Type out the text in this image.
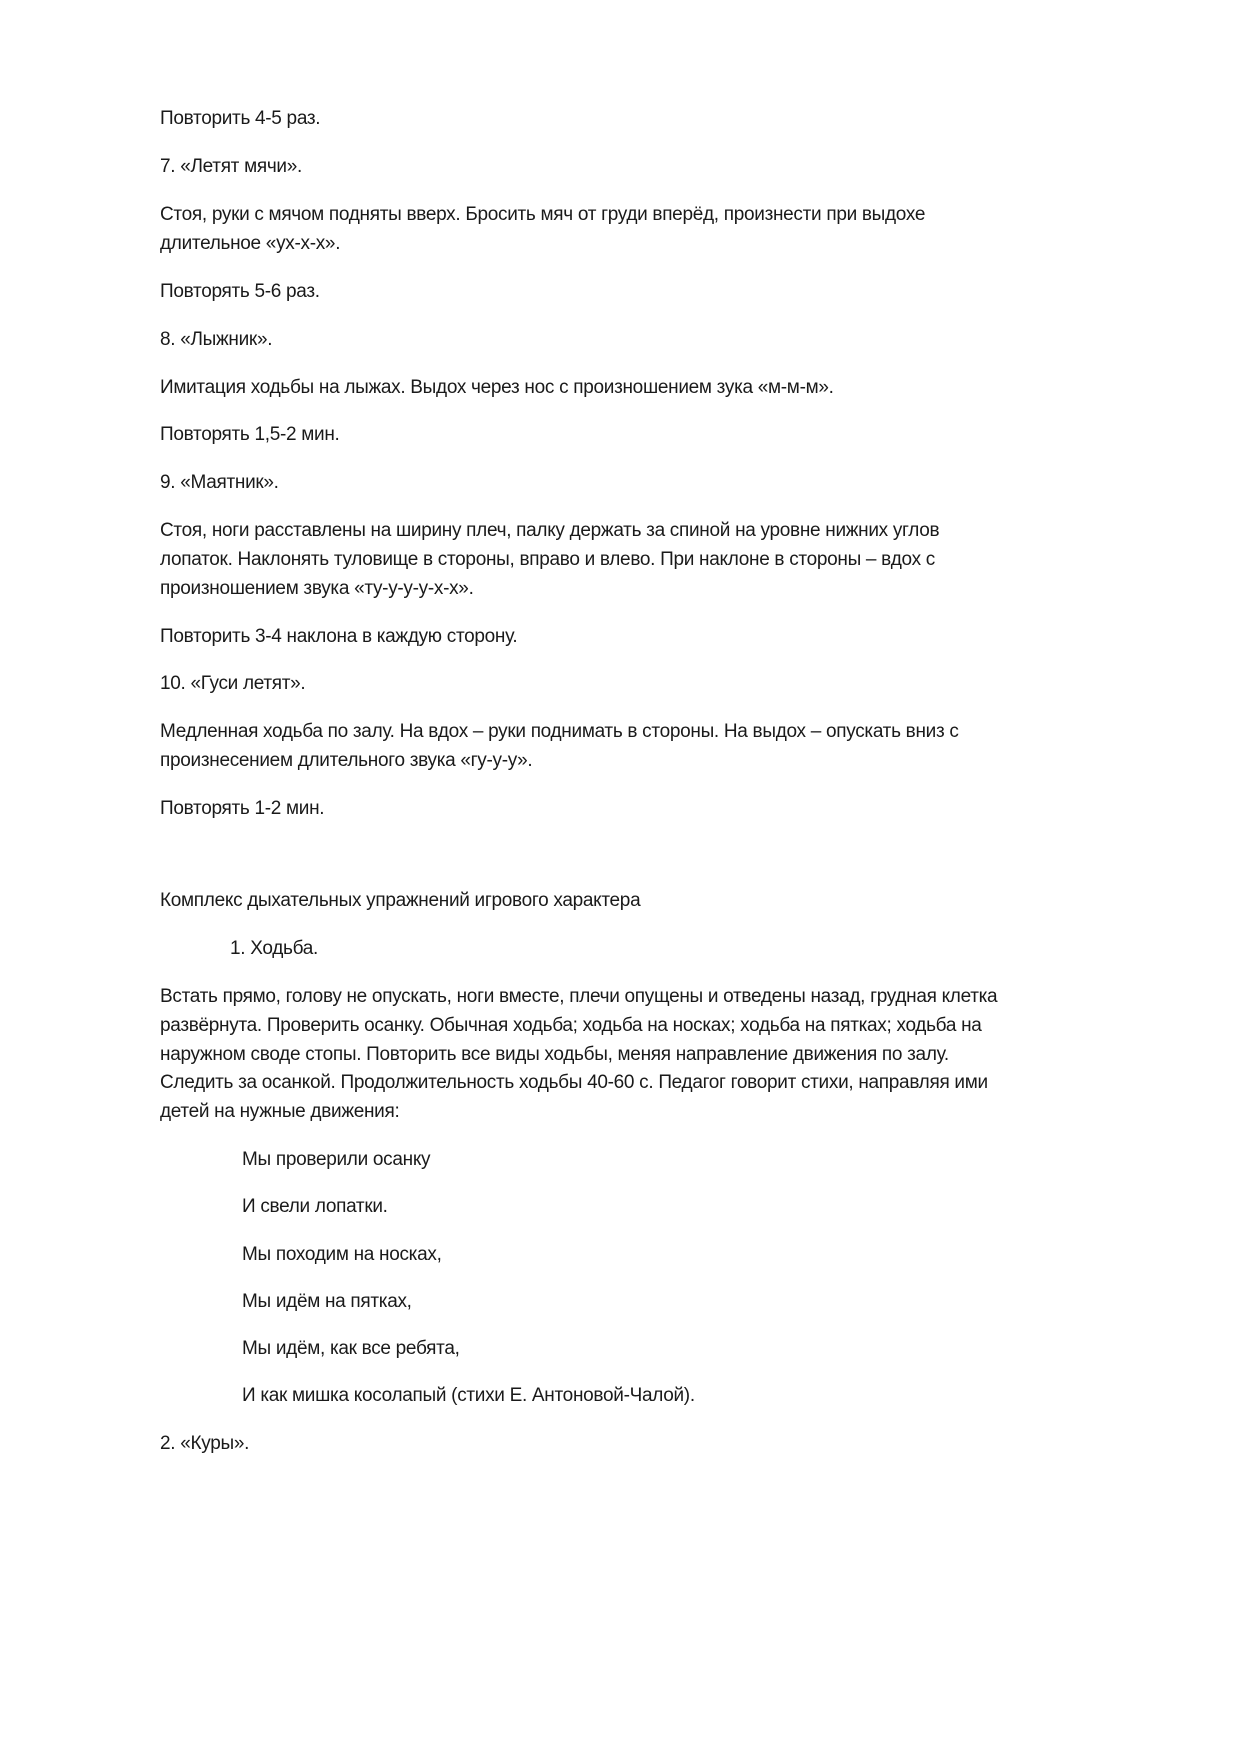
Повторить 4-5 раз.
7. «Летят мячи».
Стоя, руки с мячом подняты вверх. Бросить мяч от груди вперёд, произнести при выдохе
длительное «ух-х-х».
Повторять 5-6 раз.
8. «Лыжник».
Имитация ходьбы на лыжах. Выдох через нос с произношением зука «м-м-м».
Повторять 1,5-2 мин.
9. «Маятник».
Стоя, ноги расставлены на ширину плеч, палку держать за спиной на уровне нижних углов
лопаток. Наклонять туловище в стороны, вправо и влево. При наклоне в стороны – вдох с
произношением звука «ту-у-у-у-х-х».
Повторить 3-4 наклона в каждую сторону.
10. «Гуси летят».
Медленная ходьба по залу. На вдох – руки поднимать в стороны. На выдох – опускать вниз с
произнесением длительного звука «гу-у-у».
Повторять 1-2 мин.
Комплекс дыхательных упражнений игрового характера
1. Ходьба.
Встать прямо, голову не опускать, ноги вместе, плечи опущены и отведены назад, грудная клетка
развёрнута. Проверить осанку. Обычная ходьба; ходьба на носках; ходьба на пятках; ходьба на
наружном своде стопы. Повторить все виды ходьбы, меняя направление движения по залу.
Следить за осанкой. Продолжительность ходьбы 40-60 с. Педагог говорит стихи, направляя ими
детей на нужные движения:
Мы проверили осанку
И свели лопатки.
Мы походим на носках,
Мы идём на пятках,
Мы идём, как все ребята,
И как мишка косолапый (стихи Е. Антоновой-Чалой).
2. «Куры».
